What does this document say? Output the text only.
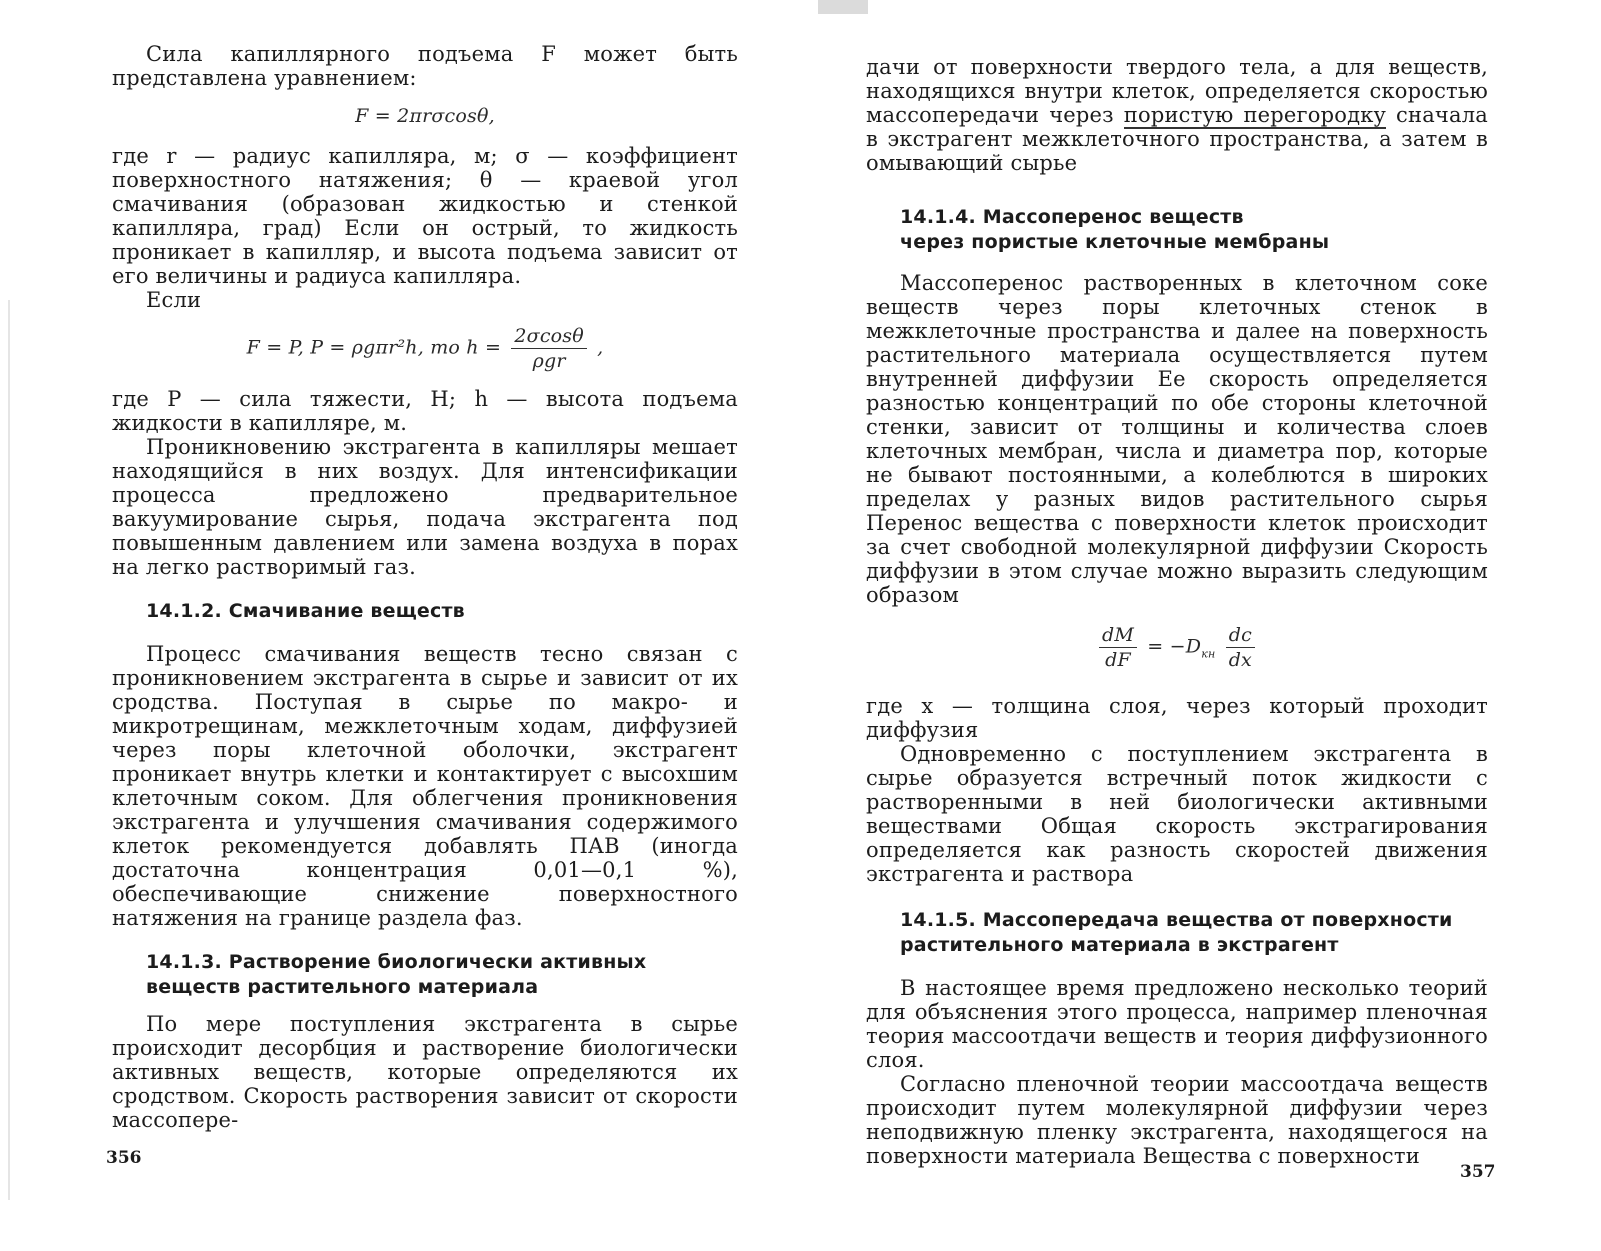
Сила капиллярного подъема F может быть представлена уравнением:

F = 2πrσcosθ,

где r — радиус капилляра, м; σ — коэффициент поверхностного натяжения; θ — краевой угол смачивания (образован жидкостью и стенкой капилляра, град) Если он острый, то жидкость проникает в капилляр, и высота подъема зависит от его величины и радиуса капилляра.

Если

F = P, P = ρgπr²h, то $h = \frac{2\sigma\cos\theta}{\text{ρgr}}$ ,

где P — сила тяжести, Н; h — высота подъема жидкости в капилляре, м.

Проникновению экстрагента в капилляры мешает находящийся в них воздух. Для интенсификации процесса предложено предварительное вакуумирование сырья, подача экстрагента под повышенным давлением или замена воздуха в порах на легко растворимый газ.

14.1.2. Смачивание веществ

Процесс смачивания веществ тесно связан с проникновением экстрагента в сырье и зависит от их сродства. Поступая в сырье по макро- и микротрещинам, межклеточным ходам, диффузией через поры клеточной оболочки, экстрагент проникает внутрь клетки и контактирует с высохшим клеточным соком. Для облегчения проникновения экстрагента и улучшения смачивания содержимого клеток рекомендуется добавлять ПАВ (иногда достаточна концентрация 0,01—0,1 %), обеспечивающие снижение поверхностного натяжения на границе раздела фаз.

14.1.3. Растворение биологически активных
веществ растительного материала

По мере поступления экстрагента в сырье происходит десорбция и растворение биологически активных веществ, которые определяются их сродством. Скорость растворения зависит от скорости массопере-

356

дачи от поверхности твердого тела, а для веществ, находящихся внутри клеток, определяется скоростью массопередачи через пористую перегородку сначала в экстрагент межклеточного пространства, а затем в омывающий сырье

14.1.4. Массоперенос веществ
через пористые клеточные мембраны

Массоперенос растворенных в клеточном соке веществ через поры клеточных стенок в межклеточные пространства и далее на поверхность растительного материала осуществляется путем внутренней диффузии Ее скорость определяется разностью концентраций по обе стороны клеточной стенки, зависит от толщины и количества слоев клеточных мембран, числа и диаметра пор, которые не бывают постоянными, а колеблются в широких пределах у разных видов растительного сырья Перенос вещества с поверхности клеток происходит за счет свободной молекулярной диффузии Скорость диффузии в этом случае можно выразить следующим образом

$\frac{dM}{dF} = -D_{кн} \frac{dc}{dx}$

где x — толщина слоя, через который проходит диффузия

Одновременно с поступлением экстрагента в сырье образуется встречный поток жидкости с растворенными в ней биологически активными веществами Общая скорость экстрагирования определяется как разность скоростей движения экстрагента и раствора

14.1.5. Массопередача вещества от поверхности
растительного материала в экстрагент

В настоящее время предложено несколько теорий для объяснения этого процесса, например пленочная теория массоотдачи веществ и теория диффузионного слоя.

Согласно пленочной теории массоотдача веществ происходит путем молекулярной диффузии через неподвижную пленку экстрагента, находящегося на поверхности материала Вещества с поверхности

357
